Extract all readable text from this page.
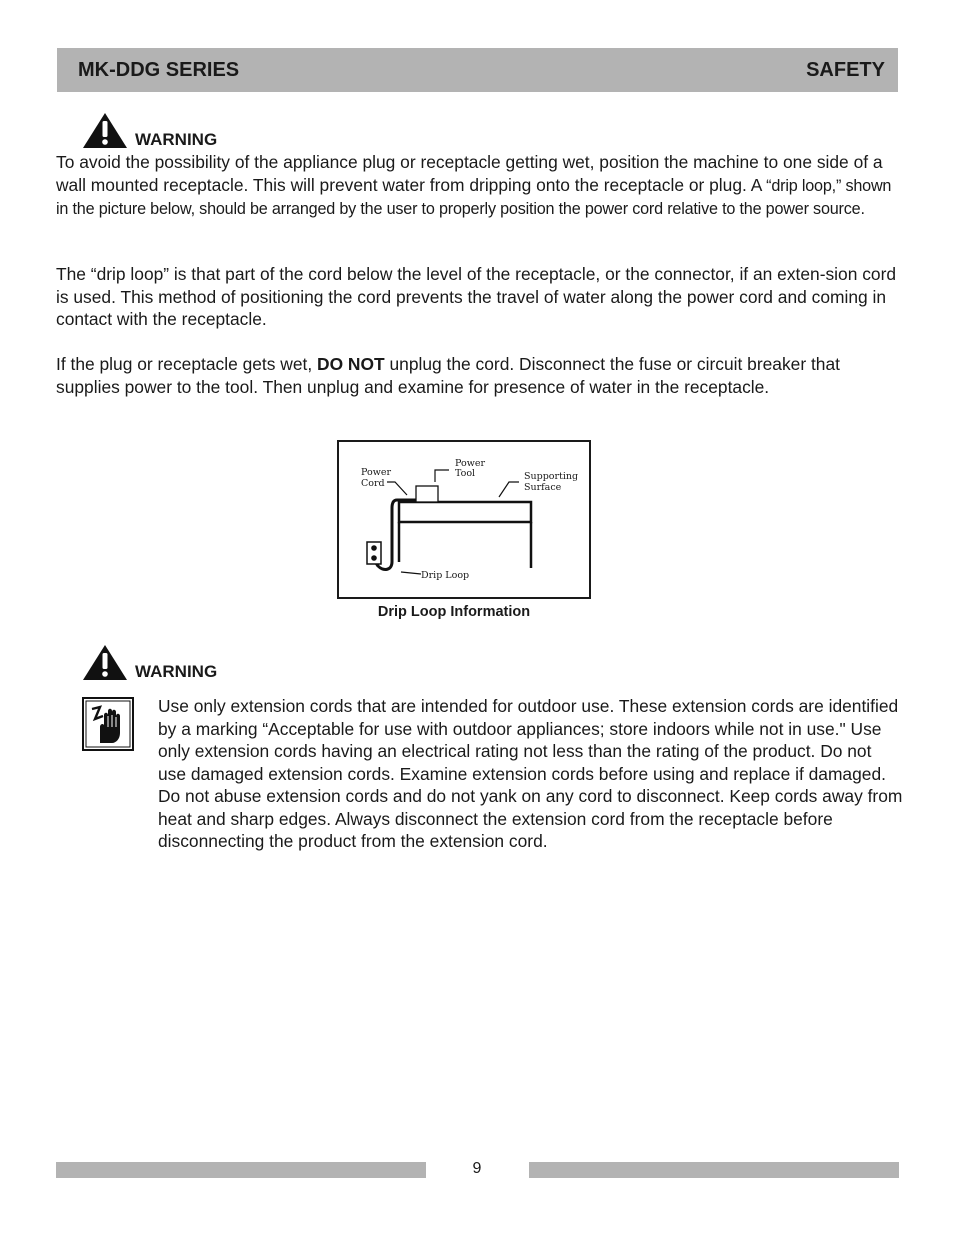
MK-DDG SERIES	SAFETY
WARNING

To avoid the possibility of the appliance plug or receptacle getting wet, position the machine to one side of a wall mounted receptacle. This will prevent water from dripping onto the receptacle or plug. A “drip loop,” shown in the picture below, should be arranged by the user to properly position the power cord relative to the power source.

The “drip loop” is that part of the cord below the level of the receptacle, or the connector, if an exten-sion cord is used. This method of positioning the cord prevents the travel of water along the power cord and coming in contact with the receptacle.

If the plug or receptacle gets wet, DO NOT unplug the cord. Disconnect the fuse or circuit breaker that supplies power to the tool. Then unplug and examine for presence of water in the receptacle.

Power
Cord
Power
Tool	Supporting
Surface
Drip Loop
Drip Loop Information
WARNING

Use only extension cords that are intended for outdoor use. These extension cords are identified by a marking “Acceptable for use with outdoor appliances; store indoors while not in use." Use only extension cords having an electrical rating not less than the rating of the product. Do not use damaged extension cords. Examine extension cords before using and replace if damaged. Do not abuse extension cords and do not yank on any cord to disconnect. Keep cords away from heat and sharp edges. Always disconnect the extension cord from the receptacle before disconnecting the product from the extension cord.

9
